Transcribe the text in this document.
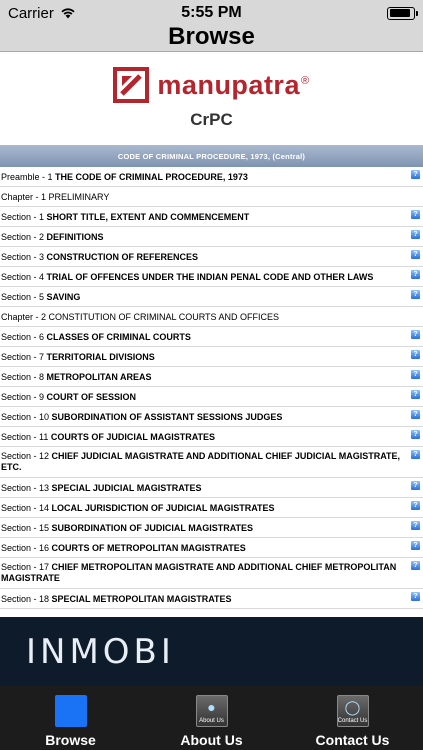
Carrier	5:55 PM
Browse
manupatra®
CrPC
CODE OF CRIMINAL PROCEDURE, 1973, (Central)
Preamble - 1 THE CODE OF CRIMINAL PROCEDURE, 1973	?
Chapter - 1 PRELIMINARY
Section - 1 SHORT TITLE, EXTENT AND COMMENCEMENT	?
Section - 2 DEFINITIONS	?
Section - 3 CONSTRUCTION OF REFERENCES	?
Section - 4 TRIAL OF OFFENCES UNDER THE INDIAN PENAL CODE AND OTHER LAWS	?
Section - 5 SAVING	?
Chapter - 2 CONSTITUTION OF CRIMINAL COURTS AND OFFICES
Section - 6 CLASSES OF CRIMINAL COURTS	?
Section - 7 TERRITORIAL DIVISIONS	?
Section - 8 METROPOLITAN AREAS	?
Section - 9 COURT OF SESSION	?
Section - 10 SUBORDINATION OF ASSISTANT SESSIONS JUDGES	?
Section - 11 COURTS OF JUDICIAL MAGISTRATES	?
Section - 12 CHIEF JUDICIAL MAGISTRATE AND ADDITIONAL CHIEF JUDICIAL MAGISTRATE, ETC.
?
Section - 13 SPECIAL JUDICIAL MAGISTRATES	?
Section - 14 LOCAL JURISDICTION OF JUDICIAL MAGISTRATES	?
Section - 15 SUBORDINATION OF JUDICIAL MAGISTRATES	?
Section - 16 COURTS OF METROPOLITAN MAGISTRATES	?
Section - 17 CHIEF METROPOLITAN MAGISTRATE AND ADDITIONAL CHIEF METROPOLITAN MAGISTRATE
?
Section - 18 SPECIAL METROPOLITAN MAGISTRATES	?
INMOBI
Browse
●
About Us
About Us
◯
Contact Us
Contact Us
